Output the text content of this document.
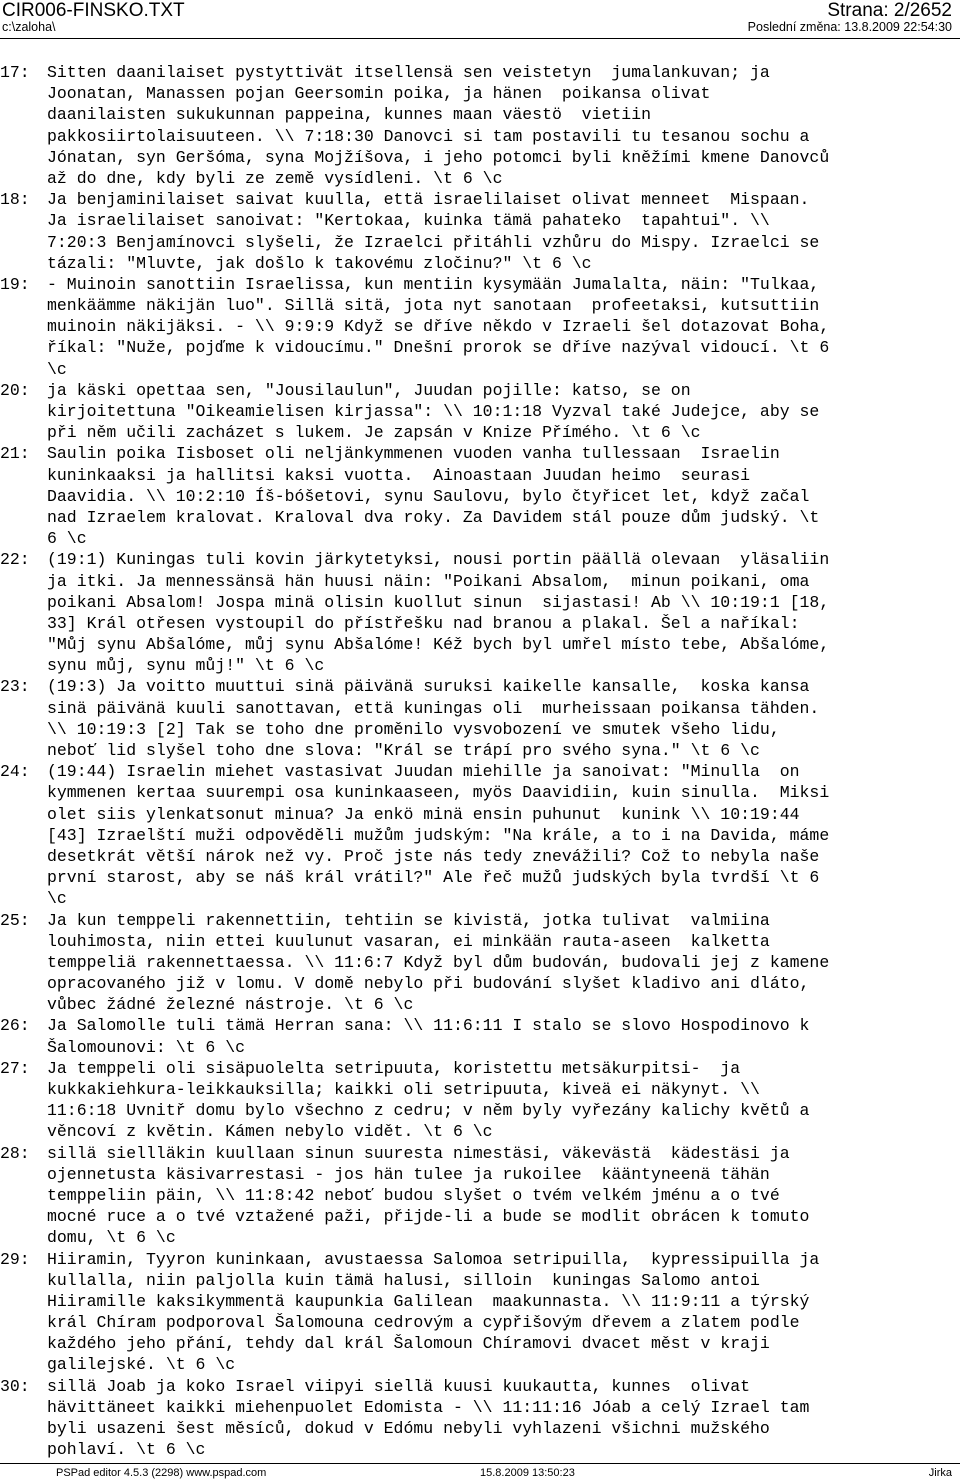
CIR006-FINSKO.TXT
c:\zaloha\
Strana: 2/2652
Poslední změna: 13.8.2009 22:54:30
17:	Sitten daanilaiset pystyttivät itsellensä sen veistetyn  jumalankuvan; ja
Joonatan, Manassen pojan Geersomin poika, ja hänen  poikansa olivat
daanilaisten sukukunnan pappeina, kunnes maan väestö  vietiin
pakkosiirtolaisuuteen. \\ 7:18:30 Danovci si tam postavili tu tesanou sochu a
Jónatan, syn Geršóma, syna Mojžíšova, i jeho potomci byli kněžími kmene Danovců
až do dne, kdy byli ze země vysídleni. \t 6 \c
18:	Ja benjaminilaiset saivat kuulla, että israelilaiset olivat menneet  Mispaan.
Ja israelilaiset sanoivat: "Kertokaa, kuinka tämä pahateko  tapahtui". \\
7:20:3 Benjamínovci slyšeli, že Izraelci přitáhli vzhůru do Mispy. Izraelci se
tázali: "Mluvte, jak došlo k takovému zločinu?" \t 6 \c
19:	- Muinoin sanottiin Israelissa, kun mentiin kysymään Jumalalta, näin: "Tulkaa,
menkäämme näkijän luo". Sillä sitä, jota nyt sanotaan  profeetaksi, kutsuttiin
muinoin näkijäksi. - \\ 9:9:9 Když se dříve někdo v Izraeli šel dotazovat Boha,
říkal: "Nuže, pojďme k vidoucímu." Dnešní prorok se dříve nazýval vidoucí. \t 6
\c
20:	ja käski opettaa sen, "Jousilaulun", Juudan pojille: katso, se on
kirjoitettuna "Oikeamielisen kirjassa": \\ 10:1:18 Vyzval také Judejce, aby se
při něm učili zacházet s lukem. Je zapsán v Knize Přímého. \t 6 \c
21:	Saulin poika Iisboset oli neljänkymmenen vuoden vanha tullessaan  Israelin
kuninkaaksi ja hallitsi kaksi vuotta.  Ainoastaan Juudan heimo  seurasi
Daavidia. \\ 10:2:10 Íš-bóšetovi, synu Saulovu, bylo čtyřicet let, když začal
nad Izraelem kralovat. Kraloval dva roky. Za Davidem stál pouze dům judský. \t
6 \c
22:	(19:1) Kuningas tuli kovin järkytetyksi, nousi portin päällä olevaan  yläsaliin
ja itki. Ja mennessänsä hän huusi näin: "Poikani Absalom,  minun poikani, oma
poikani Absalom! Jospa minä olisin kuollut sinun  sijastasi! Ab \\ 10:19:1 [18,
33] Král otřesen vystoupil do přístřešku nad branou a plakal. Šel a naříkal:
"Můj synu Abšalóme, můj synu Abšalóme! Kéž bych byl umřel místo tebe, Abšalóme,
synu můj, synu můj!" \t 6 \c
23:	(19:3) Ja voitto muuttui sinä päivänä suruksi kaikelle kansalle,  koska kansa
sinä päivänä kuuli sanottavan, että kuningas oli  murheissaan poikansa tähden.
\\ 10:19:3 [2] Tak se toho dne proměnilo vysvobození ve smutek všeho lidu,
neboť lid slyšel toho dne slova: "Král se trápí pro svého syna." \t 6 \c
24:	(19:44) Israelin miehet vastasivat Juudan miehille ja sanoivat: "Minulla  on
kymmenen kertaa suurempi osa kuninkaaseen, myös Daavidiin, kuin sinulla.  Miksi
olet siis ylenkatsonut minua? Ja enkö minä ensin puhunut  kunink \\ 10:19:44
[43] Izraelští muži odpověděli mužům judským: "Na krále, a to i na Davida, máme
desetkrát větší nárok než vy. Proč jste nás tedy znevážili? Což to nebyla naše
první starost, aby se náš král vrátil?" Ale řeč mužů judských byla tvrdší \t 6
\c
25:	Ja kun temppeli rakennettiin, tehtiin se kivistä, jotka tulivat  valmiina
louhimosta, niin ettei kuulunut vasaran, ei minkään rauta-aseen  kalketta
temppeliä rakennettaessa. \\ 11:6:7 Když byl dům budován, budovali jej z kamene
opracovaného již v lomu. V domě nebylo při budování slyšet kladivo ani dláto,
vůbec žádné železné nástroje. \t 6 \c
26:	Ja Salomolle tuli tämä Herran sana: \\ 11:6:11 I stalo se slovo Hospodinovo k
Šalomounovi: \t 6 \c
27:	Ja temppeli oli sisäpuolelta setripuuta, koristettu metsäkurpitsi-  ja
kukkakiehkura-leikkauksilla; kaikki oli setripuuta, kiveä ei näkynyt. \\
11:6:18 Uvnitř domu bylo všechno z cedru; v něm byly vyřezány kalichy květů a
věncoví z květin. Kámen nebylo vidět. \t 6 \c
28:	sillä siellläkin kuullaan sinun suuresta nimestäsi, väkevästä  kädestäsi ja
ojennetusta käsivarrestasi - jos hän tulee ja rukoilee  kääntyneenä tähän
temppeliin päin, \\ 11:8:42 neboť budou slyšet o tvém velkém jménu a o tvé
mocné ruce a o tvé vztažené paži, přijde-li a bude se modlit obrácen k tomuto
domu, \t 6 \c
29:	Hiiramin, Tyyron kuninkaan, avustaessa Salomoa setripuilla,  kypressipuilla ja
kullalla, niin paljolla kuin tämä halusi, silloin  kuningas Salomo antoi
Hiiramille kaksikymmentä kaupunkia Galilean  maakunnasta. \\ 11:9:11 a týrský
král Chíram podporoval Šalomouna cedrovým a cypřišovým dřevem a zlatem podle
každého jeho přání, tehdy dal král Šalomoun Chíramovi dvacet měst v kraji
galilejské. \t 6 \c
30:	sillä Joab ja koko Israel viipyi siellä kuusi kuukautta, kunnes  olivat
hävittäneet kaikki miehenpuolet Edomista - \\ 11:11:16 Jóab a celý Izrael tam
byli usazeni šest měsíců, dokud v Edómu nebyli vyhlazeni všichni mužského
pohlaví. \t 6 \c
PSPad editor 4.5.3 (2298) www.pspad.com	15.8.2009 13:50:23	Jirka
